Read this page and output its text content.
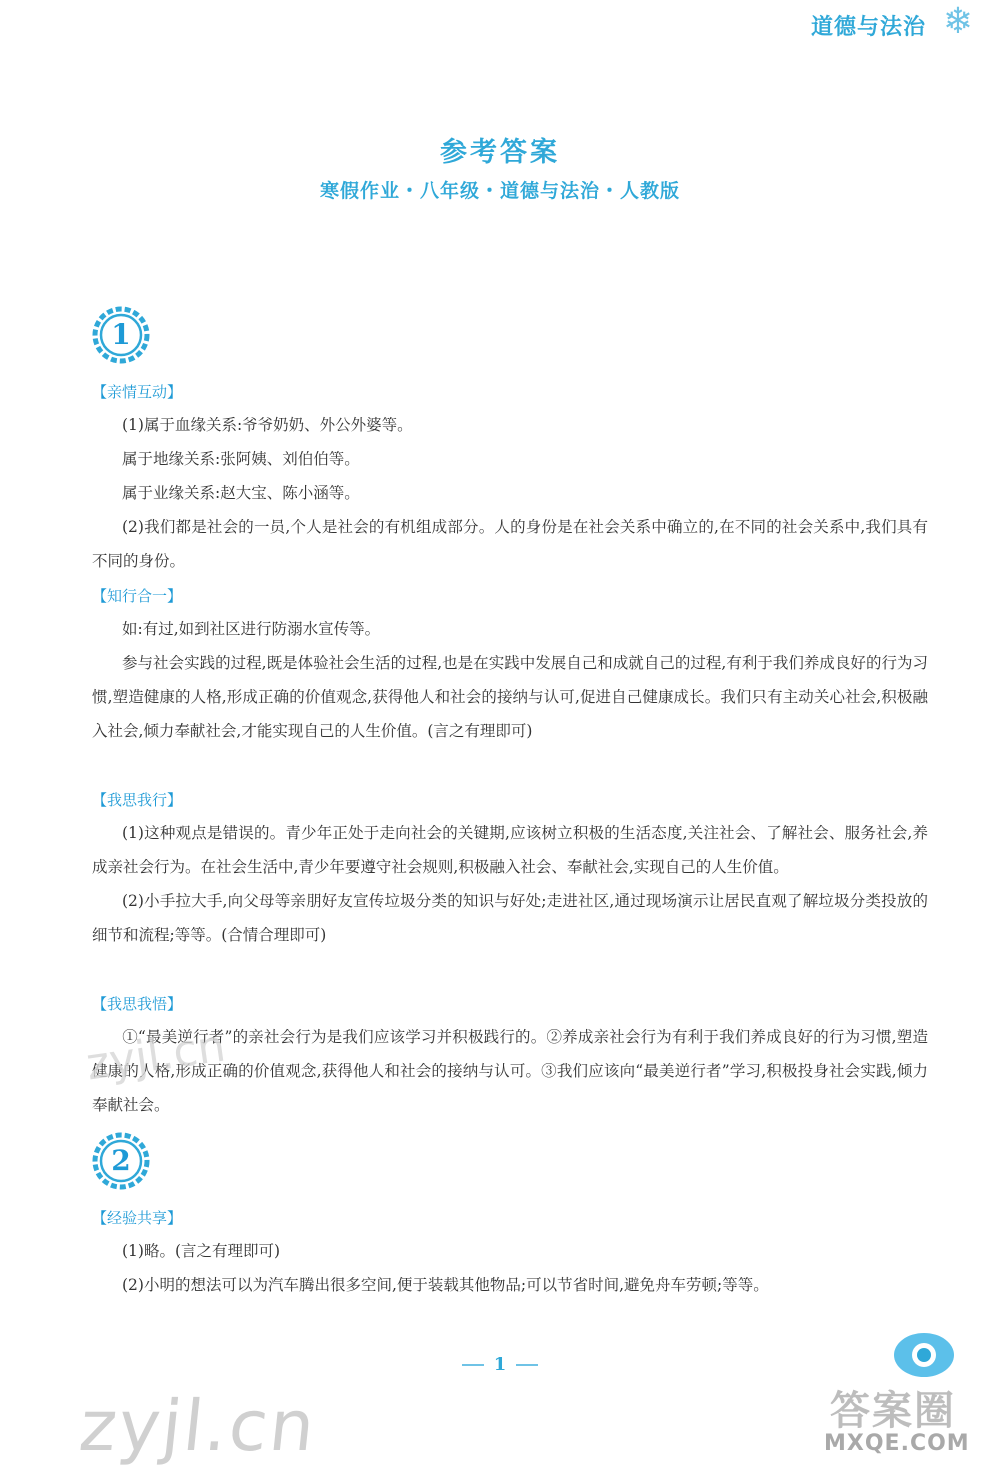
道德与法治 ❄
参考答案
寒假作业・八年级・道德与法治・人教版
1
【亲情互动】
(1)属于血缘关系:爷爷奶奶、外公外婆等。
属于地缘关系:张阿姨、刘伯伯等。
属于业缘关系:赵大宝、陈小涵等。
(2)我们都是社会的一员,个人是社会的有机组成部分。人的身份是在社会关系中确立的,在不同的社会关系中,我们具有不同的身份。
【知行合一】
如:有过,如到社区进行防溺水宣传等。
参与社会实践的过程,既是体验社会生活的过程,也是在实践中发展自己和成就自己的过程,有利于我们养成良好的行为习惯,塑造健康的人格,形成正确的价值观念,获得他人和社会的接纳与认可,促进自己健康成长。我们只有主动关心社会,积极融入社会,倾力奉献社会,才能实现自己的人生价值。(言之有理即可)
【我思我行】
(1)这种观点是错误的。青少年正处于走向社会的关键期,应该树立积极的生活态度,关注社会、了解社会、服务社会,养成亲社会行为。在社会生活中,青少年要遵守社会规则,积极融入社会、奉献社会,实现自己的人生价值。
(2)小手拉大手,向父母等亲朋好友宣传垃圾分类的知识与好处;走进社区,通过现场演示让居民直观了解垃圾分类投放的细节和流程;等等。(合情合理即可)
【我思我悟】
①“最美逆行者”的亲社会行为是我们应该学习并积极践行的。②养成亲社会行为有利于我们养成良好的行为习惯,塑造健康的人格,形成正确的价值观念,获得他人和社会的接纳与认可。③我们应该向“最美逆行者”学习,积极投身社会实践,倾力奉献社会。
2
【经验共享】
(1)略。(言之有理即可)
(2)小明的想法可以为汽车腾出很多空间,便于装载其他物品;可以节省时间,避免舟车劳顿;等等。
1
zyjl.cn
zyjl.cn	答案圈
MXQE.COM
